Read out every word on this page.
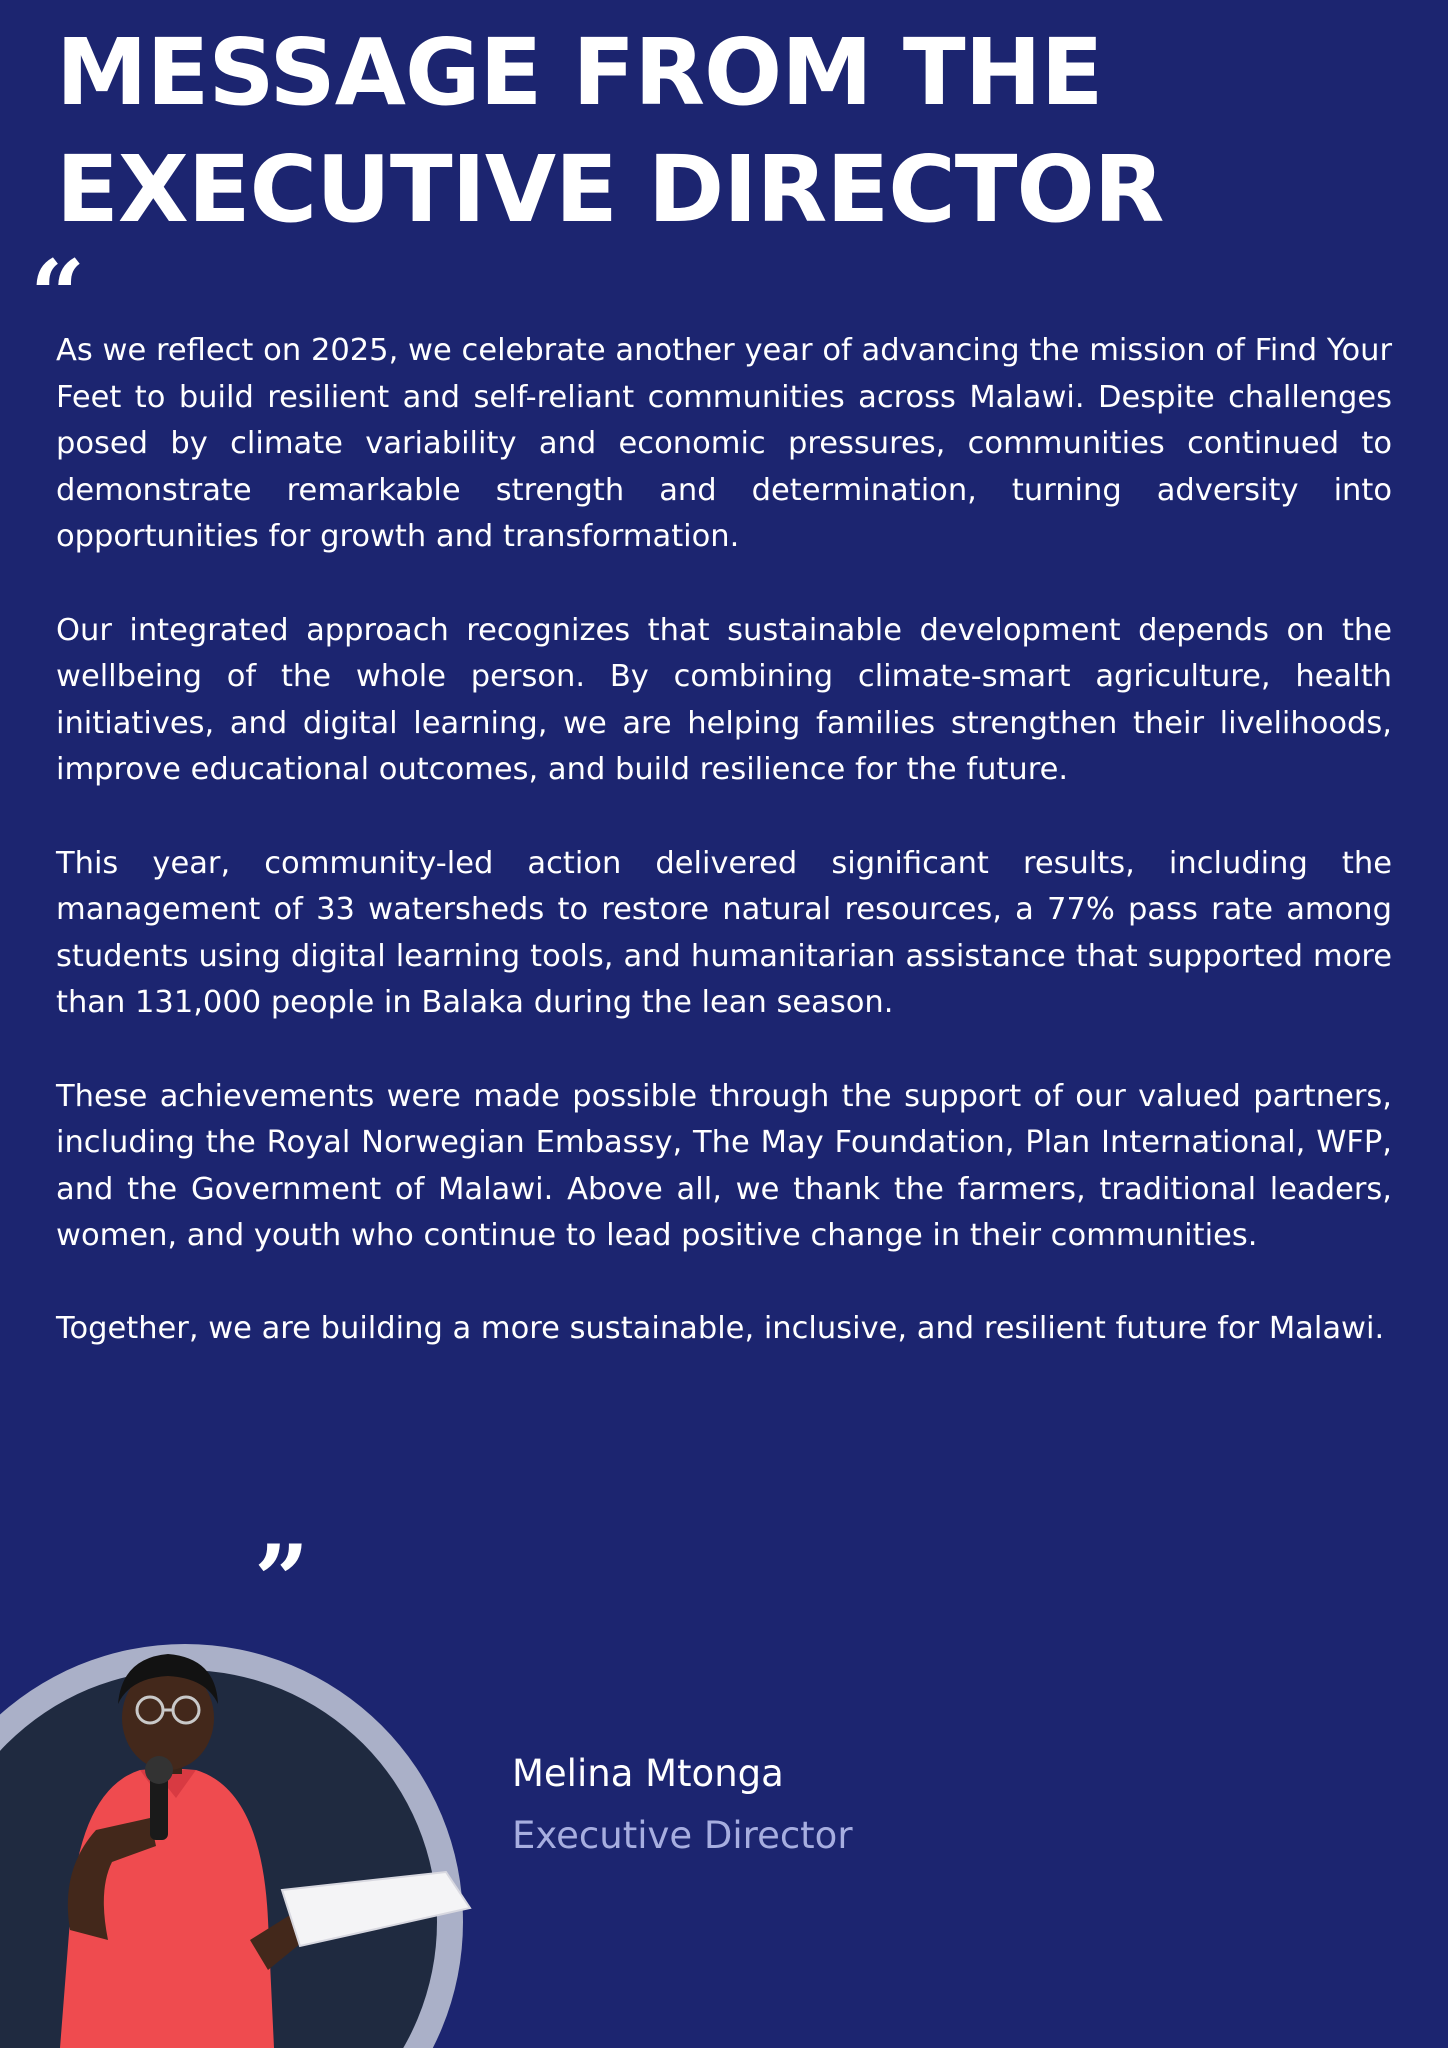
MESSAGE FROM THE
EXECUTIVE DIRECTOR
“

As we reflect on 2025, we celebrate another year of advancing the mission of Find Your Feet to build resilient and self-reliant communities across Malawi. Despite challenges posed by climate variability and economic pressures, communities continued to demonstrate remarkable strength and determination, turning adversity into opportunities for growth and transformation.

Our integrated approach recognizes that sustainable development depends on the wellbeing of the whole person. By combining climate-smart agriculture, health initiatives, and digital learning, we are helping families strengthen their livelihoods, improve educational outcomes, and build resilience for the future.

This year, community-led action delivered significant results, including the management of 33 watersheds to restore natural resources, a 77% pass rate among students using digital learning tools, and humanitarian assistance that supported more than 131,000 people in Balaka during the lean season.

These achievements were made possible through the support of our valued partners, including the Royal Norwegian Embassy, The May Foundation, Plan International, WFP, and the Government of Malawi. Above all, we thank the farmers, traditional leaders, women, and youth who continue to lead positive change in their communities.

Together, we are building a more sustainable, inclusive, and resilient future for Malawi.

”
Melina Mtonga
Executive Director
